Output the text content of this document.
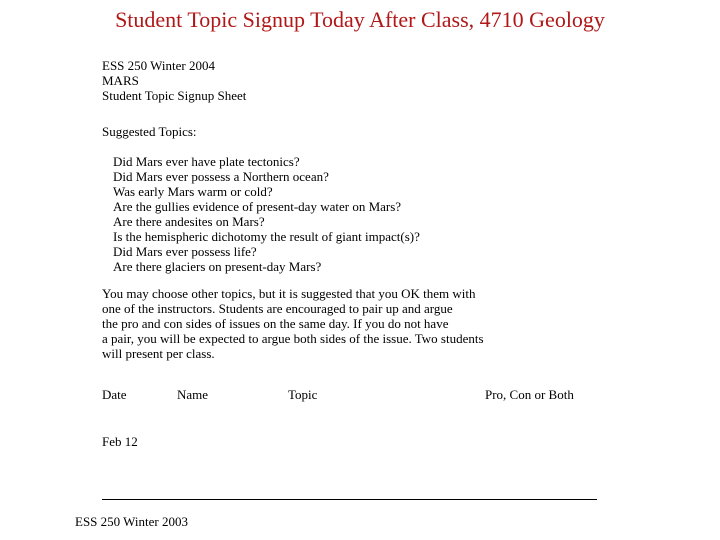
Student Topic Signup Today After Class, 4710 Geology
ESS 250 Winter 2004
MARS
Student Topic Signup Sheet
Suggested Topics:
Did Mars ever have plate tectonics?
Did Mars ever possess a Northern ocean?
Was early Mars warm or cold?
Are the gullies evidence of present-day water on Mars?
Are there andesites on Mars?
Is the hemispheric dichotomy the result of giant impact(s)?
Did Mars ever possess life?
Are there glaciers on present-day Mars?
You may choose other topics, but it is suggested that you OK them with
one of the instructors. Students are encouraged to pair up and argue
the pro and con sides of issues on the same day. If you do not have
a pair, you will be expected to argue both sides of the issue. Two students
will present per class.
Date	Name	Topic	Pro, Con or Both
Feb 12
ESS 250 Winter 2003
